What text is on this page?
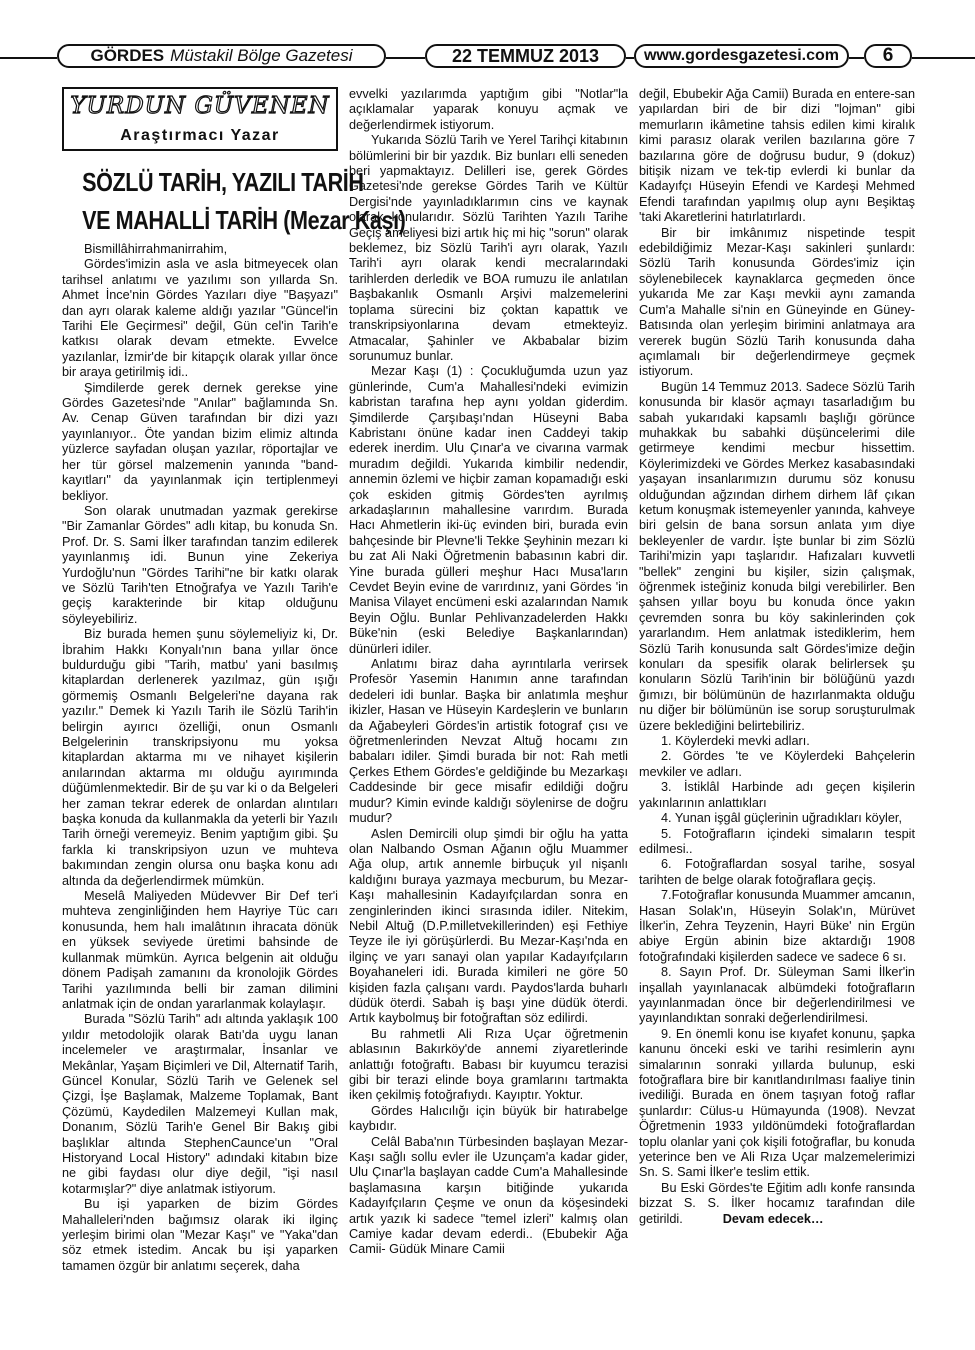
GÖRDES Müstakil Bölge Gazetesi	22 TEMMUZ 2013	www.gordesgazetesi.com	6
YURDUN GÜVENEN
Araştırmacı Yazar
SÖZLÜ TARİH, YAZILI TARİH
VE MAHALLİ TARİH (Mezar Kaşı)

Bismillâhirrahmanirrahim,

Gördes'imizin asla ve asla bitmeyecek olan tarihsel anlatımı ve yazılımı son yıllarda Sn. Ahmet İnce'nin Gördes Yazıları diye "Başyazı" dan ayrı olarak kaleme aldığı yazılar "Güncel'in Tarihi Ele Geçirmesi" değil, Gün cel'in Tarih'e katkısı olarak devam etmekte. Evvelce yazılanlar, İzmir'de bir kitapçık olarak yıllar önce bir araya getirilmiş idi..

Şimdilerde gerek dernek gerekse yine Gördes Gazetesi'nde "Anılar" bağlamında Sn. Av. Cenap Güven tarafından bir dizi yazı yayınlanıyor.. Öte yandan bizim elimiz altında yüzlerce sayfadan oluşan yazılar, röportajlar ve her tür görsel malzemenin yanında "band-kayıtları" da yayınlanmak için tertiplenmeyi bekliyor.

Son olarak unutmadan yazmak gerekirse "Bir Zamanlar Gördes" adlı kitap, bu konuda Sn. Prof. Dr. S. Sami İlker tarafından tanzim edilerek yayınlanmış idi. Bunun yine Zekeriya Yurdoğlu'nun "Gördes Tarihi"ne bir katkı olarak ve Sözlü Tarih'ten Etnoğrafya ve Yazılı Tarih'e geçiş karakterinde bir kitap olduğunu söyleyebiliriz.

Biz burada hemen şunu söylemeliyiz ki, Dr. İbrahim Hakkı Konyalı'nın bana yıllar önce buldurduğu gibi "Tarih, matbu' yani basılmış kitaplardan derlenerek yazılmaz, gün ışığı görmemiş Osmanlı Belgeleri'ne dayana rak yazılır." Demek ki Yazılı Tarih ile Sözlü Tarih'in belirgin ayırıcı özelliği, onun Osmanlı Belgelerinin transkripsiyonu mu yoksa kitaplardan aktarma mı ve nihayet kişilerin anılarından aktarma mı olduğu ayırımında düğümlenmektedir. Bir de şu var ki o da Belgeleri her zaman tekrar ederek de onlardan alıntıları başka konuda da kullanmakla da yeterli bir Yazılı Tarih örneği veremeyiz. Benim yaptığım gibi. Şu farkla ki transkripsiyon uzun ve muhteva bakımından zengin olursa onu başka konu adı altında da değerlendirmek mümkün.

Meselâ Maliyeden Müdevver Bir Def ter'i muhteva zenginliğinden hem Hayriye Tüc carı konusunda, hem halı imalâtının ihracata dönük en yüksek seviyede üretimi bahsinde de kullanmak mümkün. Ayrıca belgenin ait olduğu dönem Padişah zamanını da kronolojik Gördes Tarihi yazılımında belli bir zaman dilimini anlatmak için de ondan yararlanmak kolaylaşır.

Burada "Sözlü Tarih" adı altında yaklaşık 100 yıldır metodolojik olarak Batı'da uygu lanan incelemeler ve araştırmalar, İnsanlar ve Mekânlar, Yaşam Biçimleri ve Dil, Alternatif Tarih, Güncel Konular, Sözlü Tarih ve Gelenek sel Çizgi, İşe Başlamak, Malzeme Toplamak, Bant Çözümü, Kaydedilen Malzemeyi Kullan mak, Donanım, Sözlü Tarih'e Genel Bir Bakış gibi başlıklar altında StephenCaunce'un "Oral Historyand Local History" adındaki kitabın bize ne gibi faydası olur diye değil, "işi nasıl kotarmışlar?" diye anlatmak istiyorum.

Bu işi yaparken de bizim Gördes Mahalleleri'nden bağımsız olarak iki ilginç yerleşim birimi olan "Mezar Kaşı" ve "Yaka"dan söz etmek istedim. Ancak bu işi yaparken tamamen özgür bir anlatımı seçerek, daha

evvelki yazılarımda yaptığım gibi "Notlar"la açıklamalar yaparak konuyu açmak ve değerlendirmek istiyorum.

Yukarıda Sözlü Tarih ve Yerel Tarihçi kitabının bölümlerini bir bir yazdık. Biz bunları elli seneden beri yapmaktayız. Delilleri ise, gerek Gördes Gazetesi'nde gerekse Gördes Tarih ve Kültür Dergisi'nde yayınladıklarımın cins ve kaynak olarak konularıdır. Sözlü Tarihten Yazılı Tarihe Geçiş ameliyesi bizi artık hiç mi hiç "sorun" olarak beklemez, biz Sözlü Tarih'i ayrı olarak, Yazılı Tarih'i ayrı olarak kendi mecralarındaki tarihlerden derledik ve BOA rumuzu ile anlatılan Başbakanlık Osmanlı Arşivi malzemelerini toplama sürecini biz çoktan kapattık ve transkripsiyonlarına devam etmekteyiz. Atmacalar, Şahinler ve Akbabalar bizim sorunumuz bunlar.

Mezar Kaşı (1) : Çocukluğumda uzun yaz günlerinde, Cum'a Mahallesi'ndeki evimizin kabristan tarafına hep aynı yoldan giderdim. Şimdilerde Çarşıbaşı'ndan Hüseyni Baba Kabristanı önüne kadar inen Caddeyi takip ederek inerdim. Ulu Çınar'a ve civarına varmak muradım değildi. Yukarıda kimbilir nedendir, annemin özlemi ve hiçbir zaman kopamadığı eski çok eskiden gitmiş Gördes'ten ayrılmış arkadaşlarının mahallesine varırdım. Burada Hacı Ahmetlerin iki-üç evinden biri, burada evin bahçesinde bir Plevne'li Tekke Şeyhinin mezarı ki bu zat Ali Naki Öğretmenin babasının kabri dir. Yine burada gülleri meşhur Hacı Musa'ların Cevdet Beyin evine de varırdınız, yani Gördes 'in Manisa Vilayet encümeni eski azalarından Namık Beyin Oğlu. Bunlar Pehlivanzadelerden Hakkı Büke'nin (eski Belediye Başkanlarından) dünürleri idiler.

Anlatımı biraz daha ayrıntılarla verirsek Profesör Yasemin Hanımın anne tarafından dedeleri idi bunlar. Başka bir anlatımla meşhur ikizler, Hasan ve Hüseyin Kardeşlerin ve bunların da Ağabeyleri Gördes'in artistik fotograf çısı ve öğretmenlerinden Nevzat Altuğ hocamı zın babaları idiler. Şimdi burada bir not: Rah metli Çerkes Ethem Gördes'e geldiğinde bu Mezarkaşı Caddesinde bir gece misafir edildiği doğru mudur? Kimin evinde kaldığı söylenirse de doğru mudur?

Aslen Demircili olup şimdi bir oğlu ha yatta olan Nalbando Osman Ağanın oğlu Muammer Ağa olup, artık annemle birbuçuk yıl nişanlı kaldığını buraya yazmaya mecburum, bu Mezar-Kaşı mahallesinin Kadayıfçılardan sonra en zenginlerinden ikinci sırasında idiler. Nitekim, Nebil Altuğ (D.P.milletvekillerinden) eşi Fethiye Teyze ile iyi görüşürlerdi. Bu Mezar-Kaşı'nda en ilginç ve yarı sanayi olan yapılar Kadayıfçıların Boyahaneleri idi. Burada kimileri ne göre 50 kişiden fazla çalışanı vardı. Paydos'larda buharlı düdük öterdi. Sabah iş başı yine düdük öterdi. Artık kaybolmuş bir fotoğraftan söz edilirdi.

Bu rahmetli Ali Rıza Uçar öğretmenin ablasının Bakırköy'de annemi ziyaretlerinde anlattığı fotoğraftı. Babası bir kuyumcu terazisi gibi bir terazi elinde boya gramlarını tartmakta iken çekilmiş fotoğrafıydı. Kayıptır. Yoktur.

Gördes Halıcılığı için büyük bir hatırabelge kaybıdır.

Celâl Baba'nın Türbesinden başlayan Mezar-Kaşı sağlı sollu evler ile Uzunçam'a kadar gider, Ulu Çınar'la başlayan cadde Cum'a Mahallesinde başlamasına karşın bitiğinde yukarıda Kadayıfçıların Çeşme ve onun da köşesindeki artık yazık ki sadece "temel izleri" kalmış olan Camiye kadar devam ederdi.. (Ebubekir Ağa Camii- Güdük Minare Camii

değil, Ebubekir Ağa Camii) Burada en entere-san yapılardan biri de bir dizi "lojman" gibi memurların ikâmetine tahsis edilen kimi kiralık kimi parasız olarak verilen bazılarına göre 7 bazılarına göre de doğrusu budur, 9 (dokuz) bitişik nizam ve tek-tip evlerdi ki bunlar da Kadayıfçı Hüseyin Efendi ve Kardeşi Mehmed Efendi tarafından yapılmış olup aynı Beşiktaş 'taki Akaretlerini hatırlatırlardı.

Bir bir imkânımız nispetinde tespit edebildiğimiz Mezar-Kaşı sakinleri şunlardı: Sözlü Tarih konusunda Gördes'imiz için söylenebilecek kaynaklarca geçmeden önce yukarıda Me zar Kaşı mevkii aynı zamanda Cum'a Mahalle si'nin en Güneyinde en Güney-Batısında olan yerleşim birimini anlatmaya ara vererek bugün Sözlü Tarih konusunda daha açımlamalı bir değerlendirmeye geçmek istiyorum.

Bugün 14 Temmuz 2013. Sadece Sözlü Tarih konusunda bir klasör açmayı tasarladığım bu sabah yukarıdaki kapsamlı başlığı görünce muhakkak bu sabahki düşüncelerimi dile getirmeye kendimi mecbur hissettim. Köylerimizdeki ve Gördes Merkez kasabasındaki yaşayan insanlarımızın durumu söz konusu olduğundan ağzından dirhem dirhem lâf çıkan ketum konuşmak istemeyenler yanında, kahveye biri gelsin de bana sorsun anlata yım diye bekleyenler de vardır. İşte bunlar bi zim Sözlü Tarihi'mizin yapı taşlarıdır. Hafızaları kuvvetli "bellek" zengini bu kişiler, sizin çalışmak, öğrenmek isteğiniz konuda bilgi verebilirler. Ben şahsen yıllar boyu bu konuda önce yakın çevremden sonra bu köy sakinlerinden çok yararlandım. Hem anlatmak istediklerim, hem Sözlü Tarih konusunda salt Gördes'imize değin konuları da spesifik olarak belirlersek şu konuların Sözlü Tarih'inin bir bölüğünü yazdı ğımızı, bir bölümünün de hazırlanmakta olduğu nu diğer bir bölümünün ise sorup soruşturulmak üzere beklediğini belirtebiliriz.

1. Köylerdeki mevki adları.

2. Gördes 'te ve Köylerdeki Bahçelerin mevkiler ve adları.

3. İstiklâl Harbinde adı geçen kişilerin yakınlarının anlattıkları

4. Yunan işgâl güçlerinin uğradıkları köyler,

5. Fotoğrafların içindeki simaların tespit edilmesi..

6. Fotoğraflardan sosyal tarihe, sosyal tarihten de belge olarak fotoğraflara geçiş.

7.Fotoğraflar konusunda Muammer amcanın, Hasan Solak'ın, Hüseyin Solak'ın, Mürüvet İlker'in, Zehra Teyzenin, Hayri Büke' nin Ergün abiye Ergün abinin bize aktardığı 1908 fotoğrafındaki kişilerden sadece ve sadece 6 sı.

8. Sayın Prof. Dr. Süleyman Sami İlker'in inşallah yayınlanacak albümdeki fotoğrafların yayınlanmadan önce bir değerlendirilmesi ve yayınlandıktan sonraki değerlendirilmesi.

9. En önemli konu ise kıyafet konunu, şapka kanunu önceki eski ve tarihi resimlerin aynı simalarının sonraki yıllarda bulunup, eski fotoğraflara bire bir kanıtlandırılması faaliye tinin ivediliği. Burada en önem taşıyan fotoğ raflar şunlardır: Cülus-u Hümayunda (1908). Nevzat Öğretmenin 1933 yıldönümdeki fotoğraflardan toplu olanlar yani çok kişili fotoğraflar, bu konuda yeterince ben ve Ali Rıza Uçar malzemelerimizi Sn. S. Sami İlker'e teslim ettik.

Bu Eski Gördes'te Eğitim adlı konfe ransında bizzat S. S. İlker hocamız tarafından dile getirildi.	Devam edecek…
